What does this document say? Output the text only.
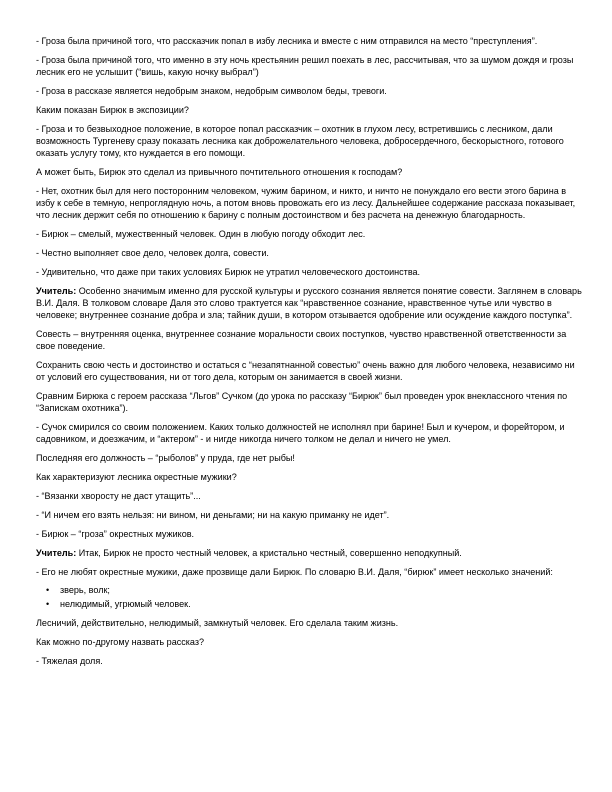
- Гроза была причиной того, что рассказчик попал в избу лесника и вместе с ним отправился на место “преступления”.

- Гроза была причиной того, что именно в эту ночь крестьянин решил поехать в лес, рассчитывая, что за шумом дождя и грозы лесник его не услышит (“вишь, какую ночку выбрал”)

- Гроза в рассказе является недобрым знаком, недобрым символом беды, тревоги.

Каким показан Бирюк в экспозиции?

- Гроза и то безвыходное положение, в которое попал рассказчик – охотник в глухом лесу, встретившись с лесником, дали возможность Тургеневу сразу показать лесника как доброжелательного человека, добросердечного, бескорыстного, готового оказать услугу тому, кто нуждается в его помощи.

А может быть, Бирюк это сделал из привычного почтительного отношения к господам?

- Нет, охотник был для него посторонним человеком, чужим барином, и никто, и ничто не понуждало его вести этого барина в избу к себе в темную, непроглядную ночь, а потом вновь провожать его из лесу. Дальнейшее содержание рассказа показывает, что лесник держит себя по отношению к барину с полным достоинством и без расчета на денежную благодарность.

- Бирюк – смелый, мужественный человек. Один в любую погоду обходит лес.

- Честно выполняет свое дело, человек долга, совести.

- Удивительно, что даже при таких условиях Бирюк не утратил человеческого достоинства.

Учитель: Особенно значимым именно для русской культуры и русского сознания является понятие совести. Заглянем в словарь В.И. Даля. В толковом словаре Даля это слово трактуется как “нравственное сознание, нравственное чутье или чувство в человеке; внутреннее сознание добра и зла; тайник души, в котором отзывается одобрение или осуждение каждого поступка”.

Совесть – внутренняя оценка, внутреннее сознание моральности своих поступков, чувство нравственной ответственности за свое поведение.

Сохранить свою честь и достоинство и остаться с “незапятнанной совестью” очень важно для любого человека, независимо ни от условий его существования, ни от того дела, которым он занимается в своей жизни.

Сравним Бирюка с героем рассказа “Льгов” Сучком (до урока по рассказу “Бирюк” был проведен урок внеклассного чтения по “Запискам охотника”).

- Сучок смирился со своим положением. Каких только должностей не исполнял при барине! Был и кучером, и форейтором, и садовником, и доезжачим, и “актером” - и нигде никогда ничего толком не делал и ничего не умел.

Последняя его должность – “рыболов” у пруда, где нет рыбы!

Как характеризуют лесника окрестные мужики?

- “Вязанки хворосту не даст утащить”...

- “И ничем его взять нельзя: ни вином, ни деньгами; ни на какую приманку не идет”.

- Бирюк – “гроза” окрестных мужиков.

Учитель: Итак, Бирюк не просто честный человек, а кристально честный, совершенно неподкупный.

- Его не любят окрестные мужики, даже прозвище дали Бирюк. По словарю В.И. Даля, “бирюк” имеет несколько значений:

• зверь, волк;
• нелюдимый, угрюмый человек.

Лесничий, действительно, нелюдимый, замкнутый человек. Его сделала таким жизнь.

Как можно по-другому назвать рассказ?

- Тяжелая доля.
